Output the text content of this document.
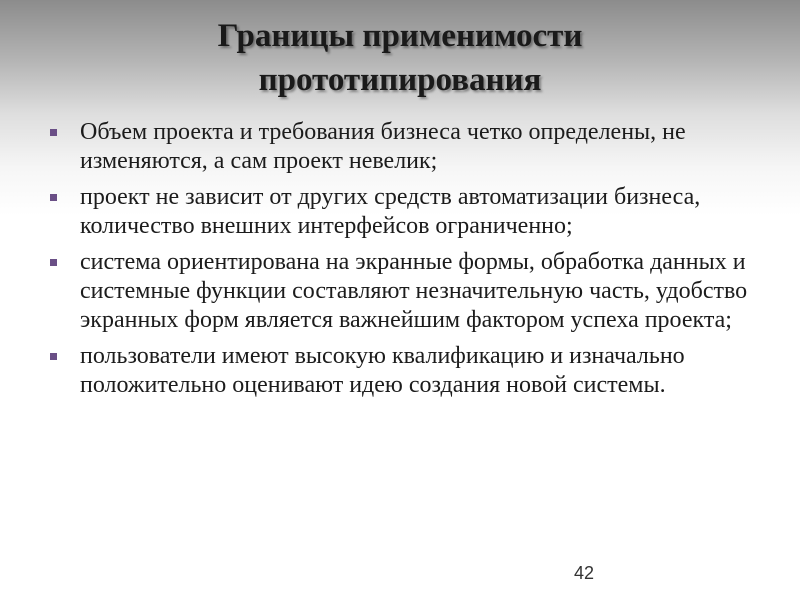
Границы применимости
прототипирования
Объем проекта и требования бизнеса четко определены, не изменяются, а сам проект невелик;
проект не зависит от других средств автоматизации бизнеса, количество внешних интерфейсов ограниченно;
система ориентирована на экранные формы, обработка данных и системные функции составляют незначительную часть, удобство экранных форм является важнейшим фактором успеха проекта;
пользователи имеют высокую квалификацию и изначально положительно оценивают идею создания новой системы.
42
